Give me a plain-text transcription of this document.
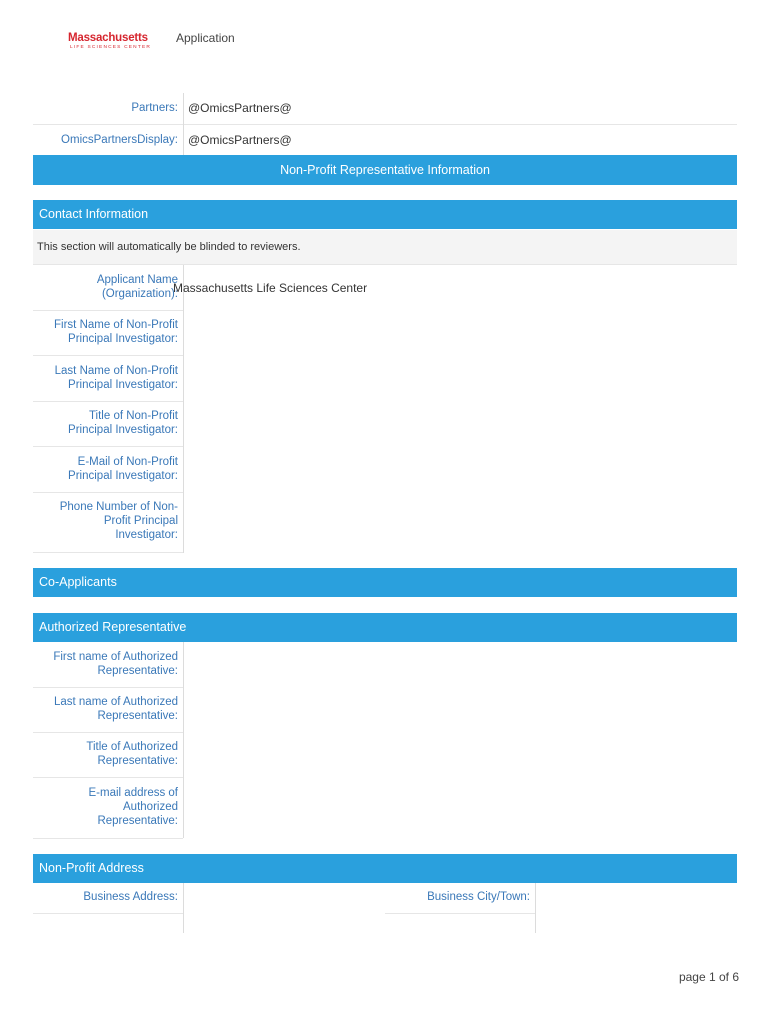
Massachusetts
LIFE SCIENCES CENTER
Application
Partners: @OmicsPartners@
OmicsPartnersDisplay: @OmicsPartners@
Non-Profit Representative Information
Contact Information
This section will automatically be blinded to reviewers.
Applicant Name
(Organization):
Massachusetts Life Sciences Center
First Name of Non-Profit
Principal Investigator:
Last Name of Non-Profit
Principal Investigator:
Title of Non-Profit
Principal Investigator:
E-Mail of Non-Profit
Principal Investigator:
Phone Number of Non-
Profit Principal
Investigator:
Co-Applicants
Authorized Representative
First name of Authorized
Representative:
Last name of Authorized
Representative:
Title of Authorized
Representative:
E-mail address of
Authorized
Representative:
Non-Profit Address
Business Address:	Business City/Town:
page 1 of 6
